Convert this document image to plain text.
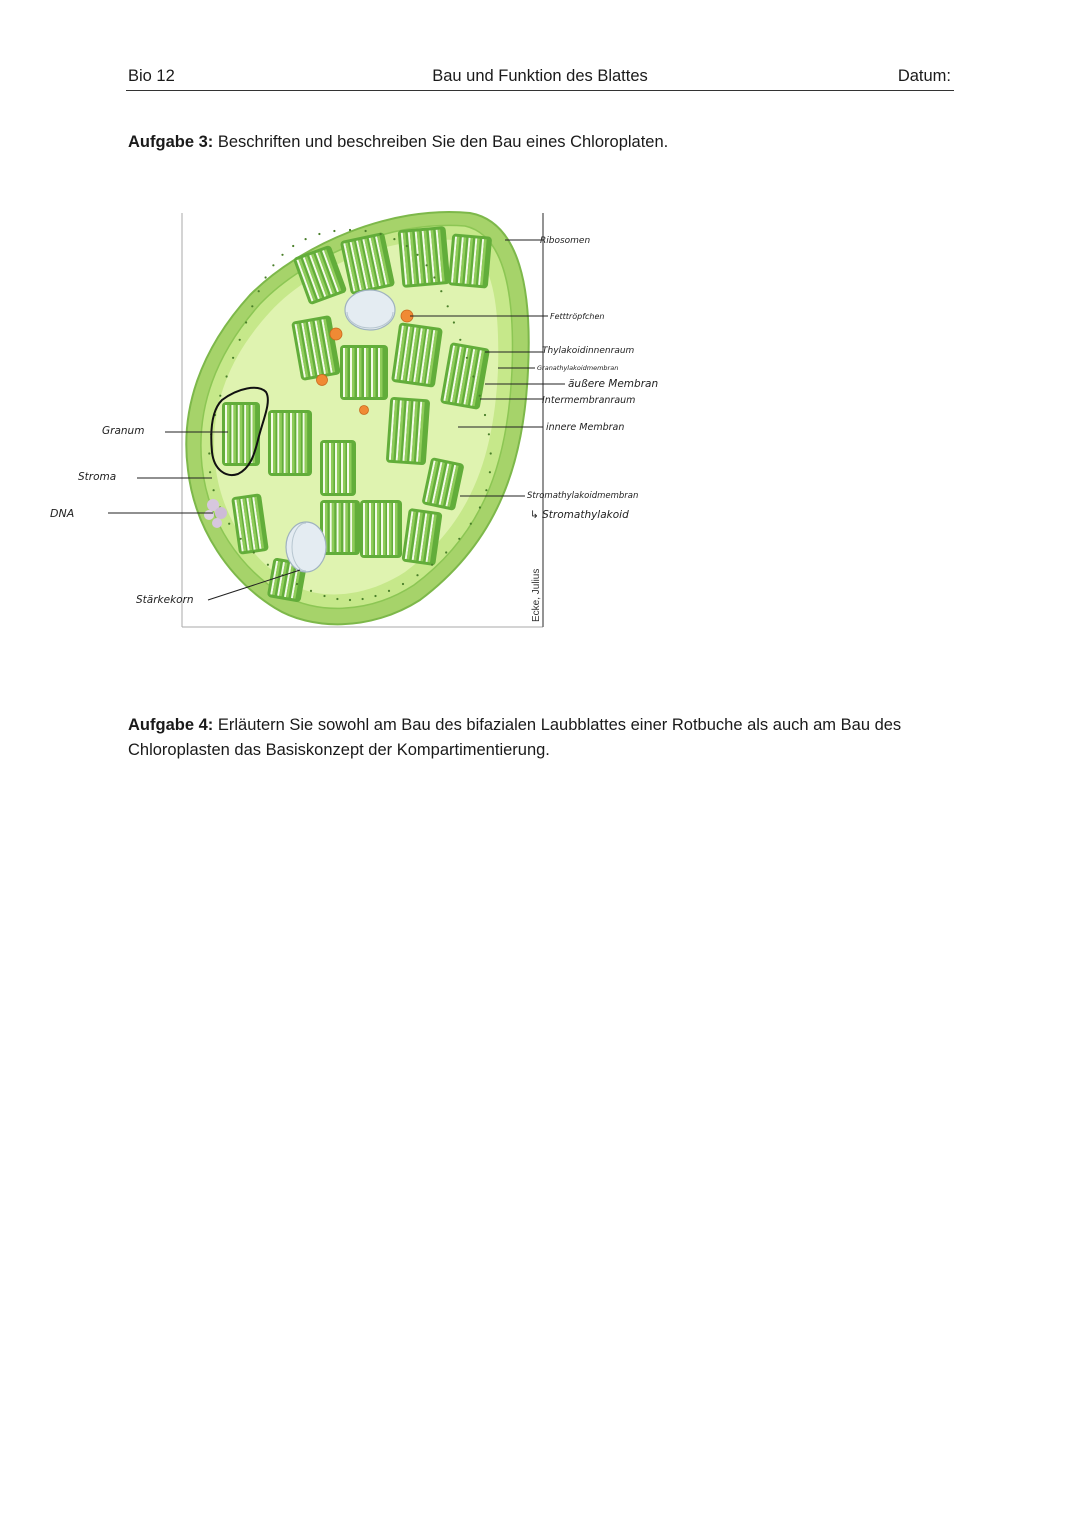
Bio 12	Bau und Funktion des Blattes	Datum:
Aufgabe 3: Beschriften und beschreiben Sie den Bau eines Chloroplaten.
Ribosomen
Fetttröpfchen
Thylakoidinnenraum
Granathylakoidmembran
äußere Membran
Intermembranraum
innere Membran
Stromathylakoidmembran
↳ Stromathylakoid
Granum
Stroma
DNA
Stärkekorn	Ecke, Julius
Aufgabe 4: Erläutern Sie sowohl am Bau des bifazialen Laubblattes einer Rotbuche als auch am Bau des Chloroplasten das Basiskonzept der Kompartimentierung.
